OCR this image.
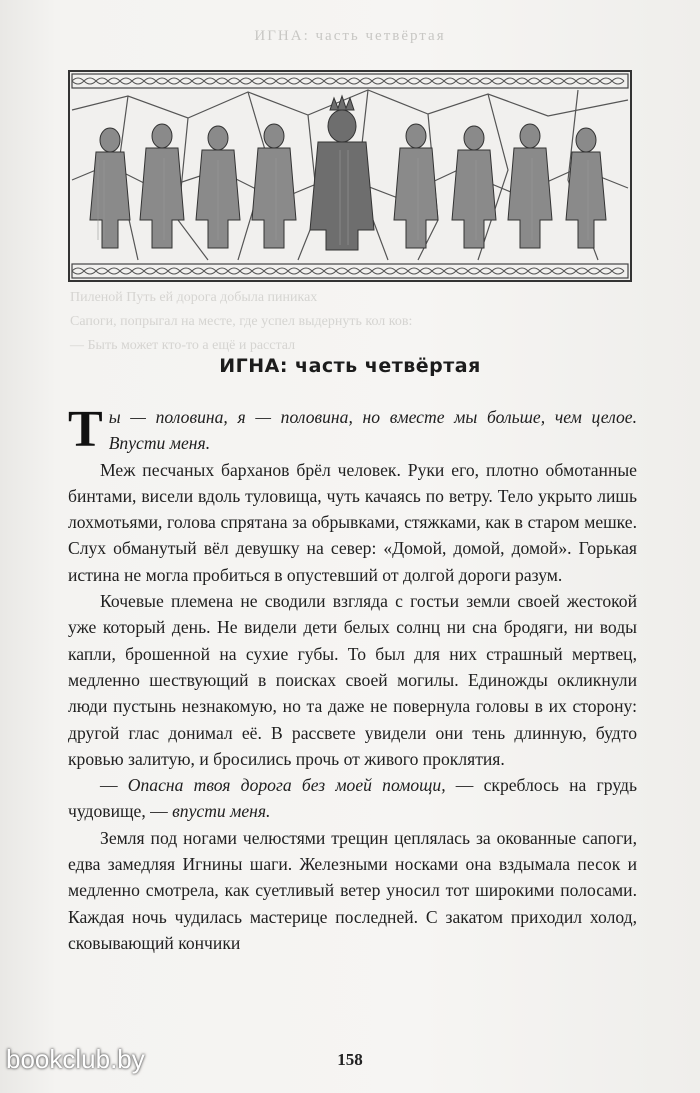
ИГНА: часть четвёртая
Пиленой Путь ей дорога добыла пиниках
Сапоги, попрыгал на месте, где успел выдернуть кол ков:
— Быть может кто-то а ещё и расстал
ИГНА: часть четвёртая

Ты — половина, я — половина, но вместе мы больше, чем целое. Впусти меня.

Меж песчаных барханов брёл человек. Руки его, плотно обмотанные бинтами, висели вдоль туловища, чуть качаясь по ветру. Тело укрыто лишь лохмотьями, голова спрятана за обрывками, стяжками, как в старом мешке. Слух обманутый вёл девушку на север: «Домой, домой, домой». Горькая истина не могла пробиться в опустевший от долгой дороги разум.

Кочевые племена не сводили взгляда с гостьи земли своей жестокой уже который день. Не видели дети белых солнц ни сна бродяги, ни воды капли, брошенной на сухие губы. То был для них страшный мертвец, медленно шествующий в поисках своей могилы. Единожды окликнули люди пустынь незнакомую, но та даже не повернула головы в их сторону: другой глас донимал её. В рассвете увидели они тень длинную, будто кровью залитую, и бросились прочь от живого проклятия.

— Опасна твоя дорога без моей помощи, — скреблось на грудь чудовище, — впусти меня.

Земля под ногами челюстями трещин цеплялась за окованные сапоги, едва замедляя Игнины шаги. Железными носками она вздымала песок и медленно смотрела, как суетливый ветер уносил тот широкими полосами. Каждая ночь чудилась мастерице последней. С закатом приходил холод, сковывающий кончики

158
bookclub.by
